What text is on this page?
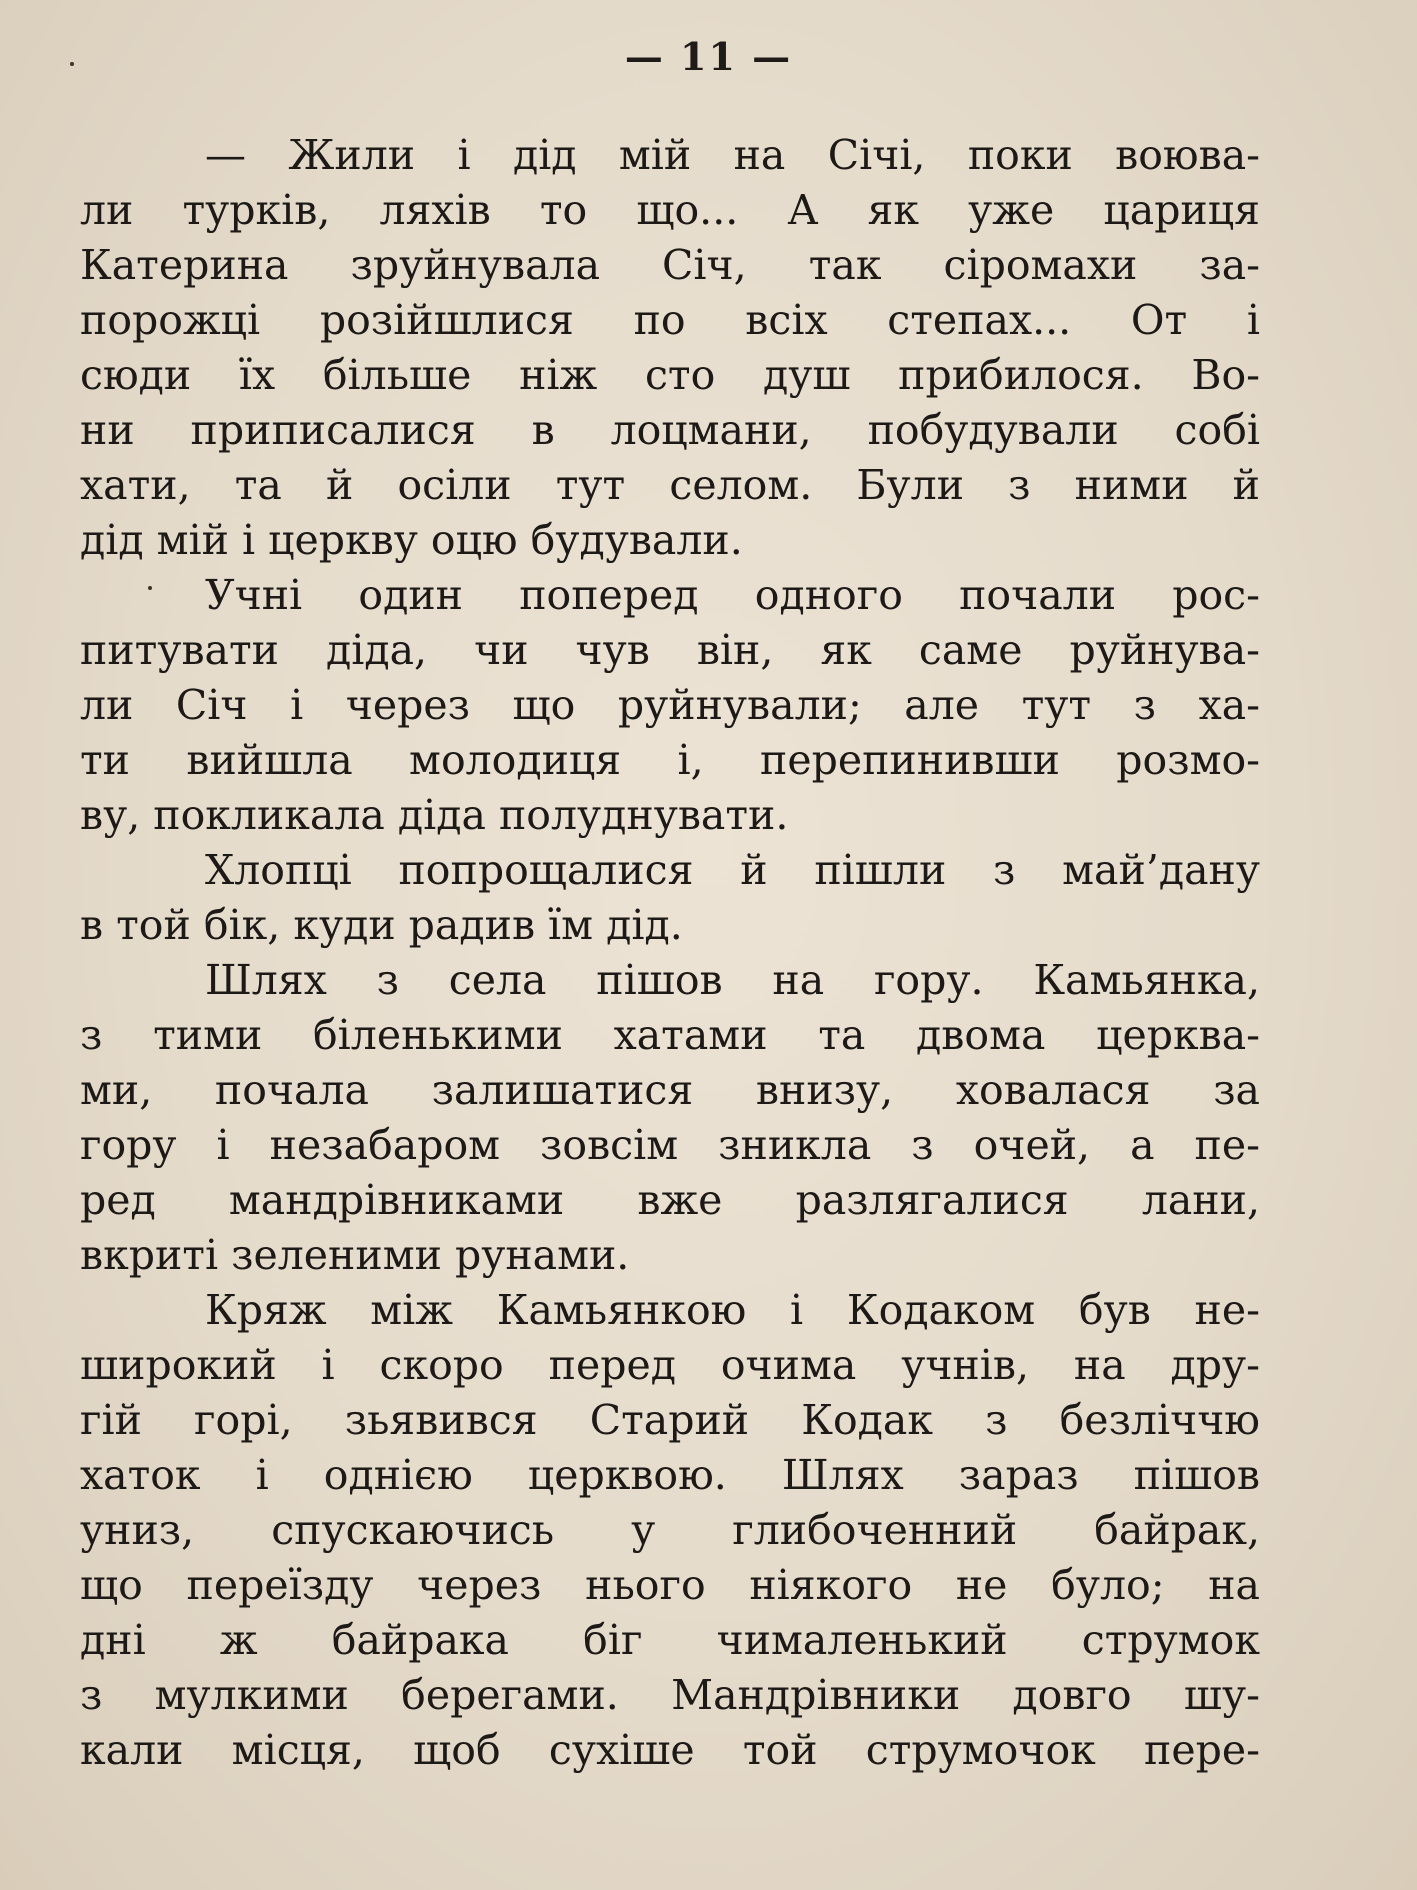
— 11 —
— Жили і дід мій на Січі, поки воюва-
ли турків, ляхів то що... А як уже цариця
Катерина зруйнувала Січ, так сіромахи за-
порожці розійшлися по всіх степах... От і
сюди їх більше ніж сто душ прибилося. Во-
ни приписалися в лоцмани, побудували собі
хати, та й осіли тут селом. Були з ними й
дід мій і церкву оцю будували.
Учні один поперед одного почали рос-
питувати діда, чи чув він, як саме руйнува-
ли Січ і через що руйнували; але тут з ха-
ти вийшла молодиця і, перепинивши розмо-
ву, покликала діда полуднувати.
Хлопці попрощалися й пішли з май’дану
в той бік, куди радив їм дід.
Шлях з села пішов на гору. Камьянка,
з тими біленькими хатами та двома церква-
ми, почала залишатися внизу, ховалася за
гору і незабаром зовсім зникла з очей, а пе-
ред мандрівниками вже разлягалися лани,
вкриті зеленими рунами.
Кряж між Камьянкою і Кодаком був не-
широкий і скоро перед очима учнів, на дру-
гій горі, зьявився Старий Кодак з безліччю
хаток і однією церквою. Шлях зараз пішов
униз, спускаючись у глибоченний байрак,
що переїзду через нього ніякого не було; на
дні ж байрака біг чималенький струмок
з мулкими берегами. Мандрівники довго шу-
кали місця, щоб сухіше той струмочок пере-
